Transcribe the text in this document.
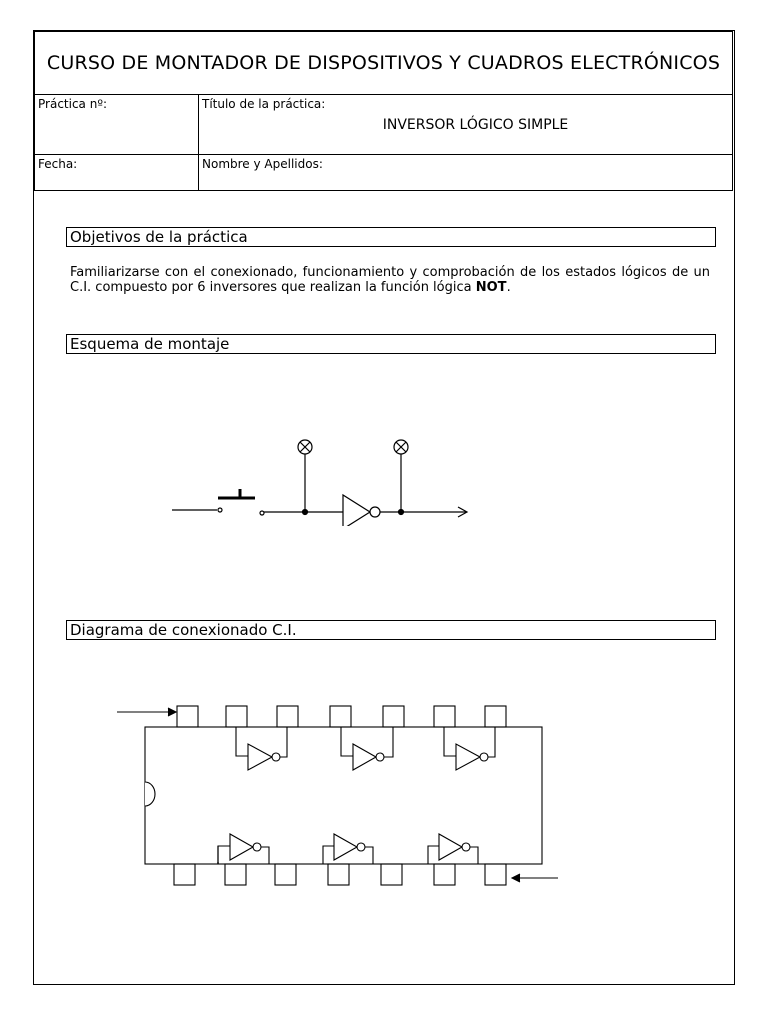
CURSO DE MONTADOR DE DISPOSITIVOS Y CUADROS ELECTRÓNICOS	
Práctica nº:	Título de la práctica:
INVERSOR LÓGICO SIMPLE

Fecha:	Nombre y Apellidos:
Objetivos de la práctica
Familiarizarse con el conexionado, funcionamiento y comprobación de los estados lógicos de un C.I. compuesto por 6 inversores que realizan la función lógica NOT.
Esquema de montaje
Diagrama de conexionado C.I.
